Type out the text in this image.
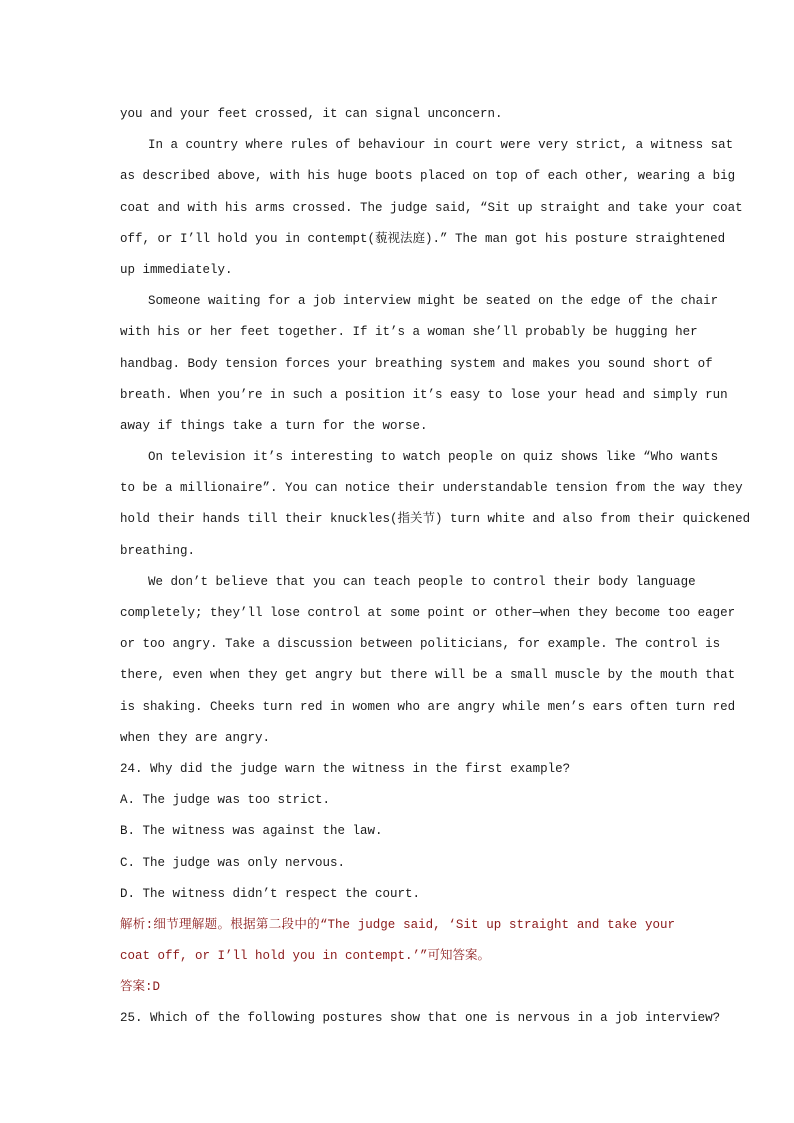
you and your feet crossed, it can signal unconcern.
In a country where rules of behaviour in court were very strict, a witness sat
as described above, with his huge boots placed on top of each other, wearing a big
coat and with his arms crossed. The judge said, “Sit up straight and take your coat
off, or I’ll hold you in contempt(藐视法庭).” The man got his posture straightened
up immediately.
Someone waiting for a job interview might be seated on the edge of the chair
with his or her feet together. If it’s a woman she’ll probably be hugging her
handbag. Body tension forces your breathing system and makes you sound short of
breath. When you’re in such a position it’s easy to lose your head and simply run
away if things take a turn for the worse.
On television it’s interesting to watch people on quiz shows like “Who wants
to be a millionaire”. You can notice their understandable tension from the way they
hold their hands till their knuckles(指关节) turn white and also from their quickened
breathing.
We don’t believe that you can teach people to control their body language
completely; they’ll lose control at some point or other—when they become too eager
or too angry. Take a discussion between politicians, for example. The control is
there, even when they get angry but there will be a small muscle by the mouth that
is shaking. Cheeks turn red in women who are angry while men’s ears often turn red
when they are angry.
24. Why did the judge warn the witness in the first example?
A. The judge was too strict.
B. The witness was against the law.
C. The judge was only nervous.
D. The witness didn’t respect the court.
解析:细节理解题。根据第二段中的“The judge said, ‘Sit up straight and take your
coat off, or I’ll hold you in contempt.’”可知答案。
答案:D
25. Which of the following postures show that one is nervous in a job interview?
